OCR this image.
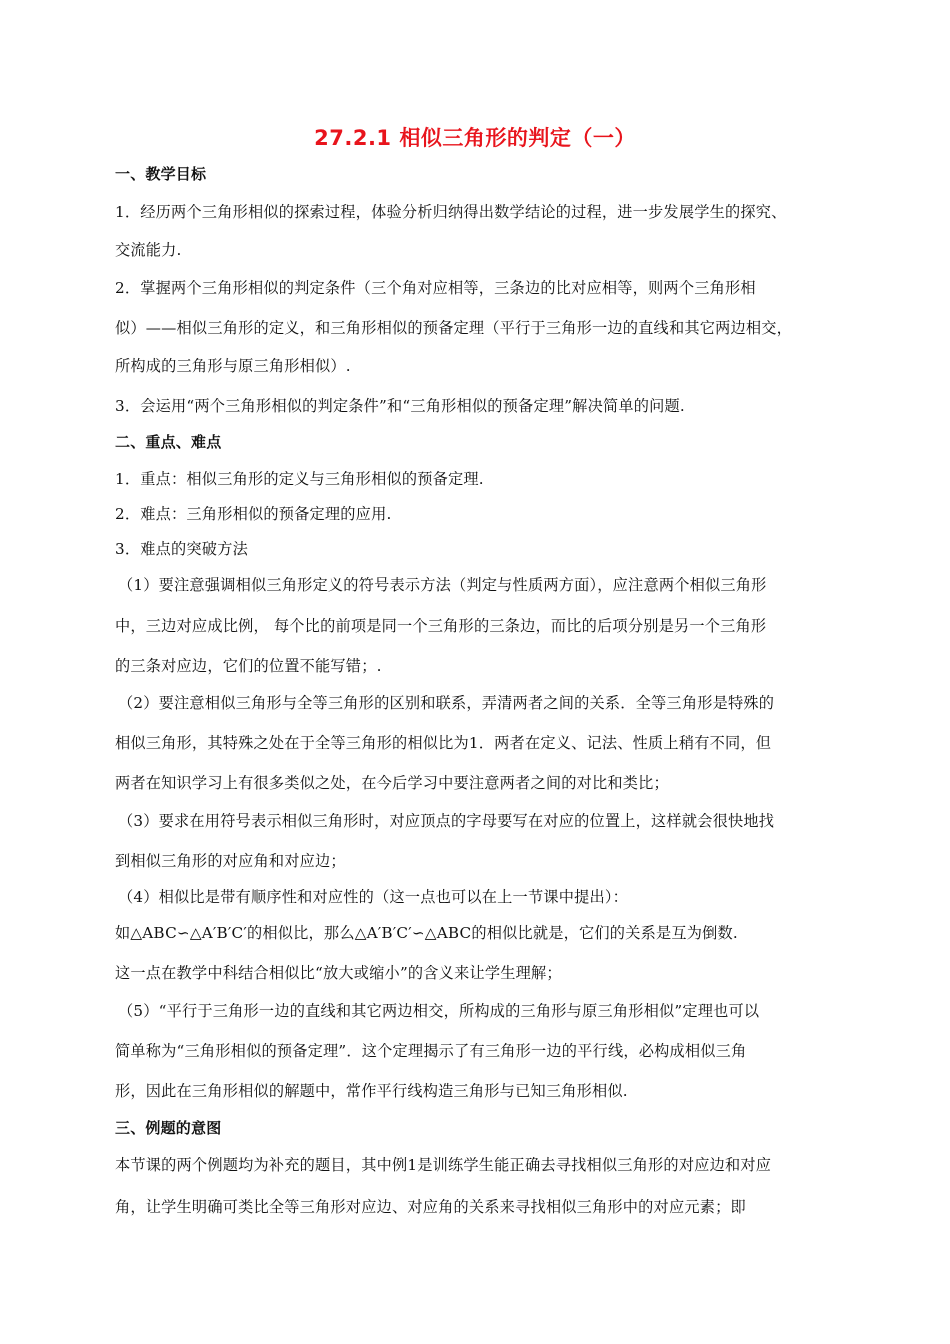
27.2.1 相似三角形的判定（一）
一、教学目标
1．经历两个三角形相似的探索过程，体验分析归纳得出数学结论的过程，进一步发展学生的探究、
交流能力.
2．掌握两个三角形相似的判定条件（三个角对应相等，三条边的比对应相等，则两个三角形相
似）——相似三角形的定义，和三角形相似的预备定理（平行于三角形一边的直线和其它两边相交，
所构成的三角形与原三角形相似）.
3．会运用“两个三角形相似的判定条件”和“三角形相似的预备定理”解决简单的问题.
二、重点、难点
1．重点：相似三角形的定义与三角形相似的预备定理.
2．难点：三角形相似的预备定理的应用.
3．难点的突破方法
（1）要注意强调相似三角形定义的符号表示方法（判定与性质两方面），应注意两个相似三角形
中，三边对应成比例， 每个比的前项是同一个三角形的三条边，而比的后项分别是另一个三角形
的三条对应边，它们的位置不能写错；.
（2）要注意相似三角形与全等三角形的区别和联系，弄清两者之间的关系．全等三角形是特殊的
相似三角形，其特殊之处在于全等三角形的相似比为1．两者在定义、记法、性质上稍有不同，但
两者在知识学习上有很多类似之处，在今后学习中要注意两者之间的对比和类比；
（3）要求在用符号表示相似三角形时，对应顶点的字母要写在对应的位置上，这样就会很快地找
到相似三角形的对应角和对应边；
（4）相似比是带有顺序性和对应性的（这一点也可以在上一节课中提出）：
如△ABC∽△A′B′C′的相似比，那么△A′B′C′∽△ABC的相似比就是，它们的关系是互为倒数.
这一点在教学中科结合相似比“放大或缩小”的含义来让学生理解；
（5）“平行于三角形一边的直线和其它两边相交，所构成的三角形与原三角形相似”定理也可以
简单称为“三角形相似的预备定理”．这个定理揭示了有三角形一边的平行线，必构成相似三角
形，因此在三角形相似的解题中，常作平行线构造三角形与已知三角形相似.
三、例题的意图
本节课的两个例题均为补充的题目，其中例1是训练学生能正确去寻找相似三角形的对应边和对应
角，让学生明确可类比全等三角形对应边、对应角的关系来寻找相似三角形中的对应元素；即
